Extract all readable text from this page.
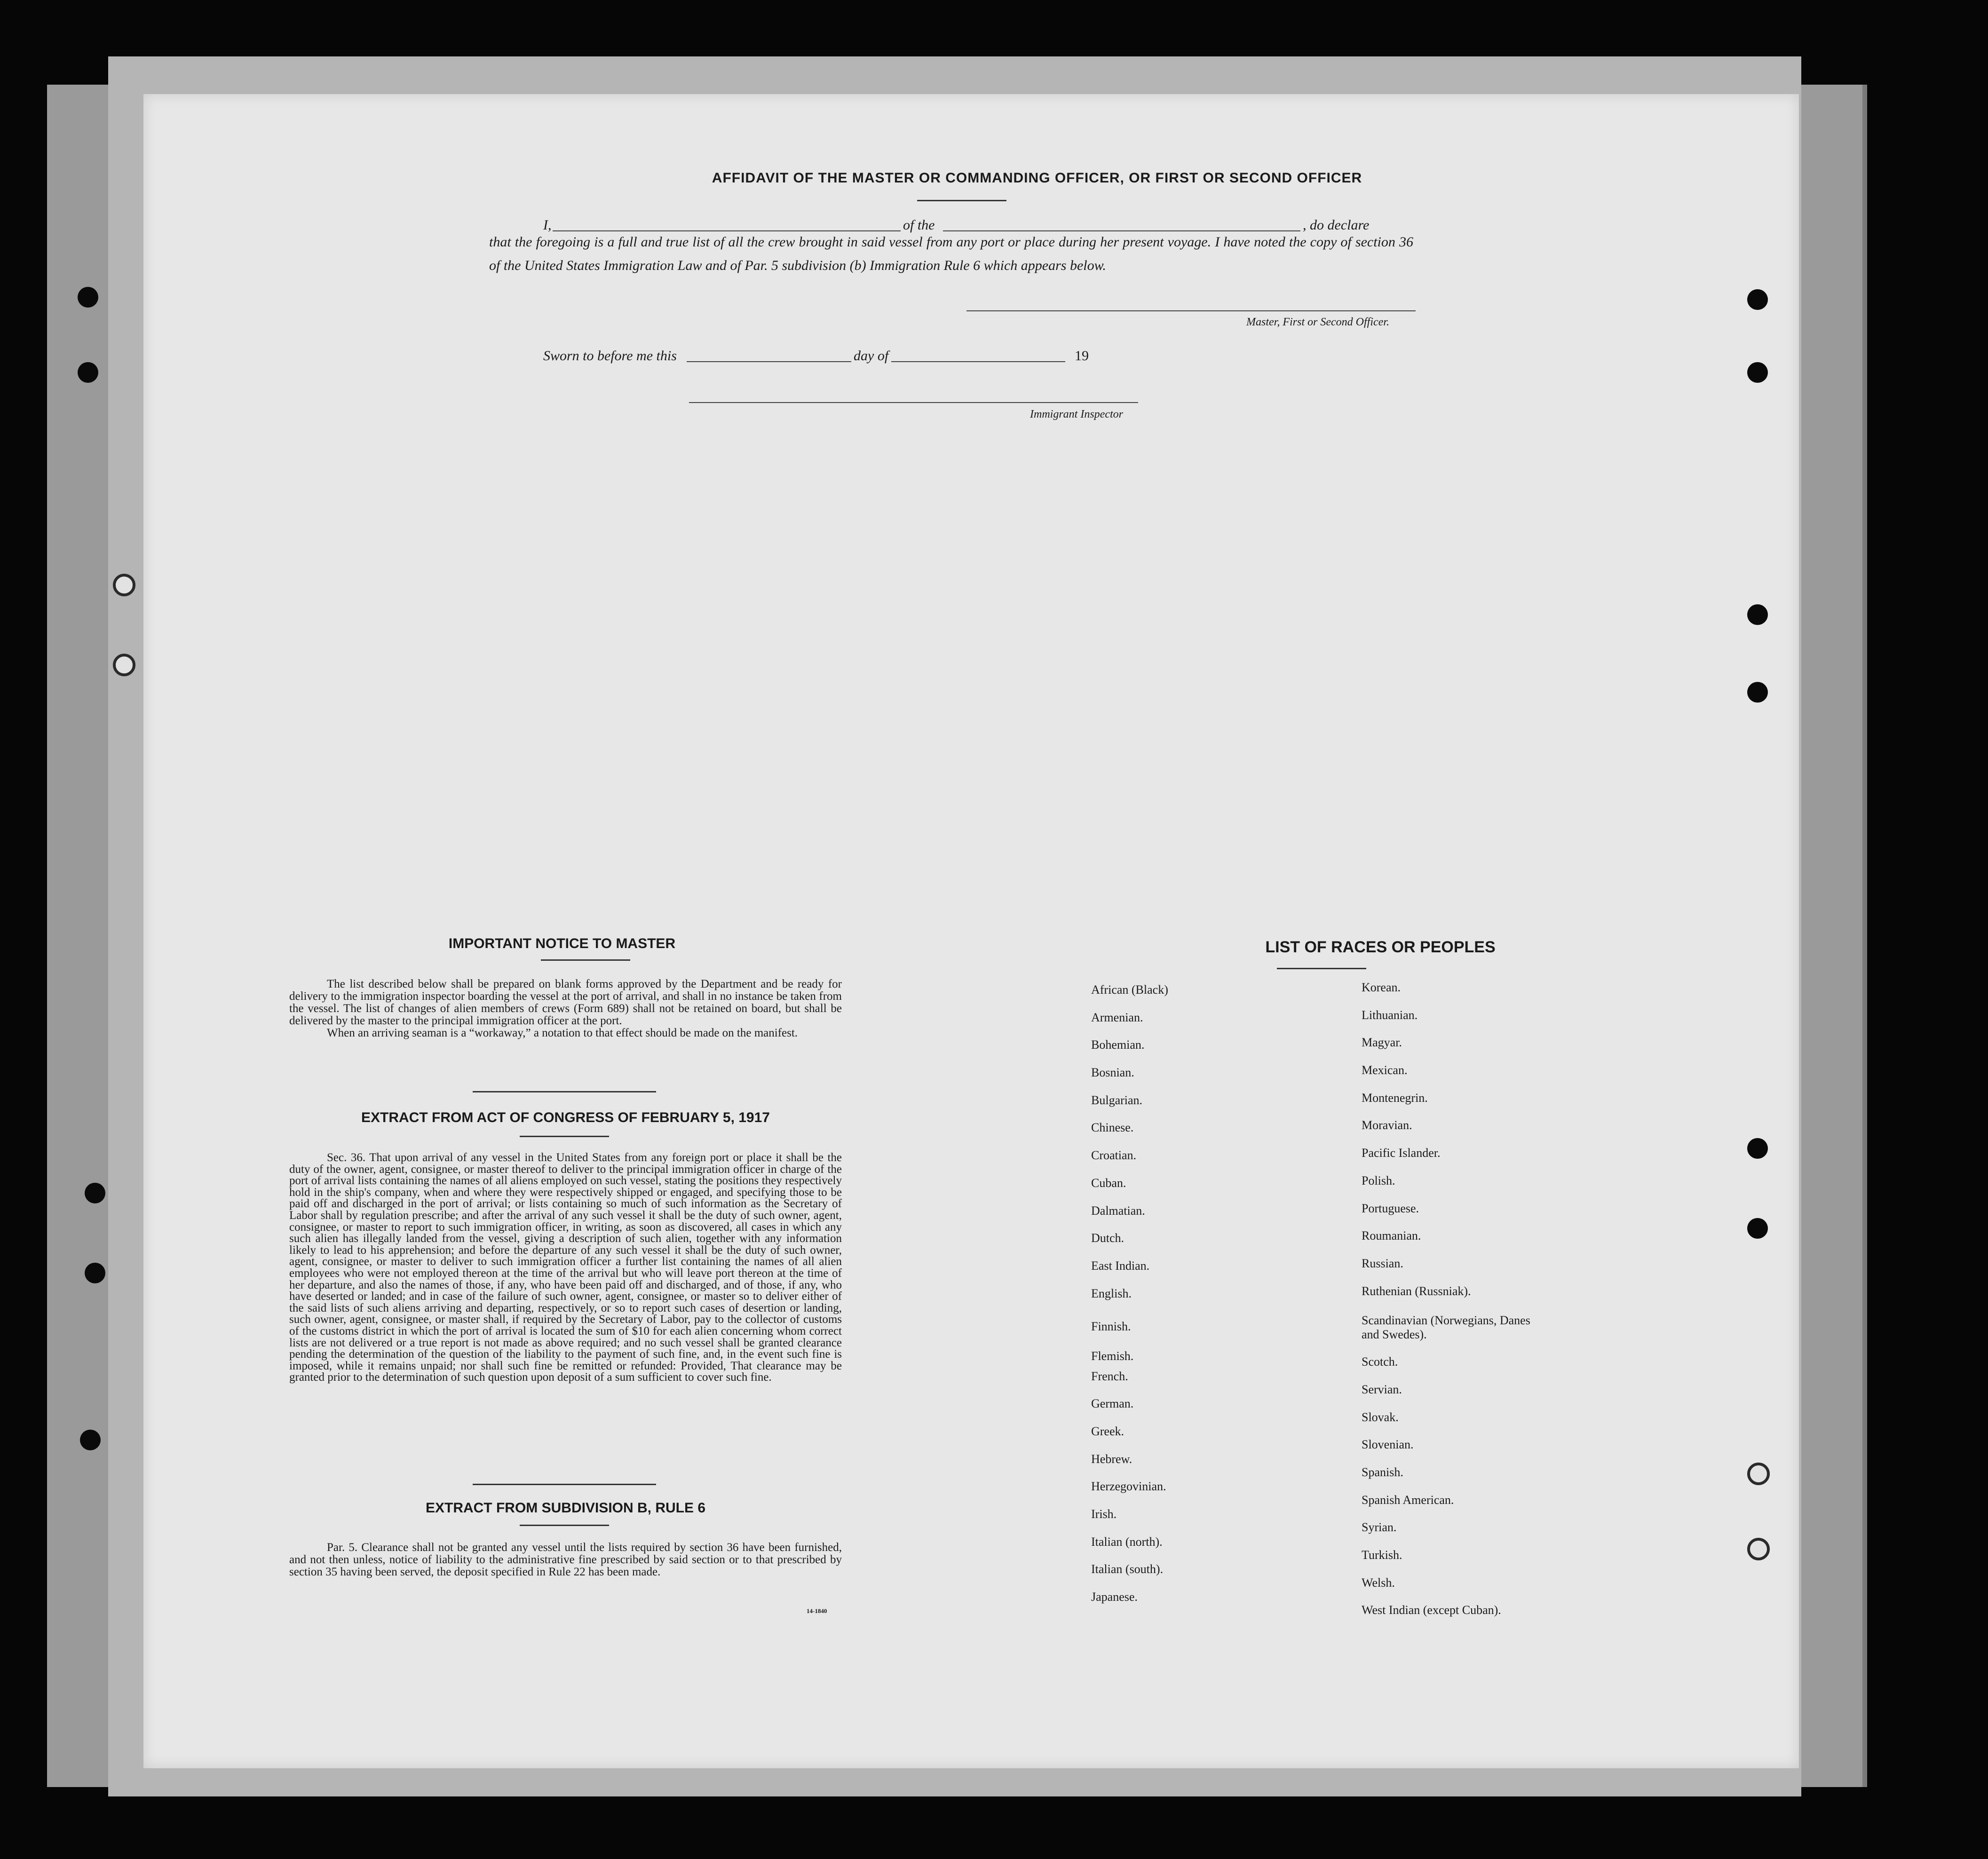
AFFIDAVIT OF THE MASTER OR COMMANDING OFFICER, OR FIRST OR SECOND OFFICER
I,	of the	, do declare

that the foregoing is a full and true list of all the crew brought in said vessel from any port or place during her present voyage. I have noted the copy of section 36 of the United States Immigration Law and of Par. 5 subdivision (b) Immigration Rule 6 which appears below.

Master, First or Second Officer.
Sworn to before me this	day of	19
Immigrant Inspector
IMPORTANT NOTICE TO MASTER

The list described below shall be prepared on blank forms approved by the Department and be ready for delivery to the immigration inspector boarding the vessel at the port of arrival, and shall in no instance be taken from the vessel. The list of changes of alien members of crews (Form 689) shall not be retained on board, but shall be delivered by the master to the principal immigration officer at the port.

When an arriving seaman is a “workaway,” a notation to that effect should be made on the manifest.

EXTRACT FROM ACT OF CONGRESS OF FEBRUARY 5, 1917

Sec. 36. That upon arrival of any vessel in the United States from any foreign port or place it shall be the duty of the owner, agent, consignee, or master thereof to deliver to the principal immigration officer in charge of the port of arrival lists containing the names of all aliens employed on such vessel, stating the positions they respectively hold in the ship's company, when and where they were respectively shipped or engaged, and specifying those to be paid off and discharged in the port of arrival; or lists containing so much of such information as the Secretary of Labor shall by regulation prescribe; and after the arrival of any such vessel it shall be the duty of such owner, agent, consignee, or master to report to such immigration officer, in writing, as soon as discovered, all cases in which any such alien has illegally landed from the vessel, giving a description of such alien, together with any information likely to lead to his apprehension; and before the departure of any such vessel it shall be the duty of such owner, agent, consignee, or master to deliver to such immigration officer a further list containing the names of all alien employees who were not employed thereon at the time of the arrival but who will leave port thereon at the time of her departure, and also the names of those, if any, who have been paid off and discharged, and of those, if any, who have deserted or landed; and in case of the failure of such owner, agent, consignee, or master so to deliver either of the said lists of such aliens arriving and departing, respectively, or so to report such cases of desertion or landing, such owner, agent, consignee, or master shall, if required by the Secretary of Labor, pay to the collector of customs of the customs district in which the port of arrival is located the sum of $10 for each alien concerning whom correct lists are not delivered or a true report is not made as above required; and no such vessel shall be granted clearance pending the determination of the question of the liability to the payment of such fine, and, in the event such fine is imposed, while it remains unpaid; nor shall such fine be remitted or refunded: Provided, That clearance may be granted prior to the determination of such question upon deposit of a sum sufficient to cover such fine.

EXTRACT FROM SUBDIVISION B, RULE 6

Par. 5. Clearance shall not be granted any vessel until the lists required by section 36 have been furnished, and not then unless, notice of liability to the administrative fine prescribed by said section or to that prescribed by section 35 having been served, the deposit specified in Rule 22 has been made.

14-1840
LIST OF RACES OR PEOPLES
African (Black)
Armenian.
Bohemian.
Bosnian.
Bulgarian.
Chinese.
Croatian.
Cuban.
Dalmatian.
Dutch.
East Indian.
English.
Finnish.
Flemish.
French.
German.
Greek.
Hebrew.
Herzegovinian.
Irish.
Italian (north).
Italian (south).
Japanese.
Korean.
Lithuanian.
Magyar.
Mexican.
Montenegrin.
Moravian.
Pacific Islander.
Polish.
Portuguese.
Roumanian.
Russian.
Ruthenian (Russniak).
Scandinavian (Norwegians, Danes and Swedes).
Scotch.
Servian.
Slovak.
Slovenian.
Spanish.
Spanish American.
Syrian.
Turkish.
Welsh.
West Indian (except Cuban).
